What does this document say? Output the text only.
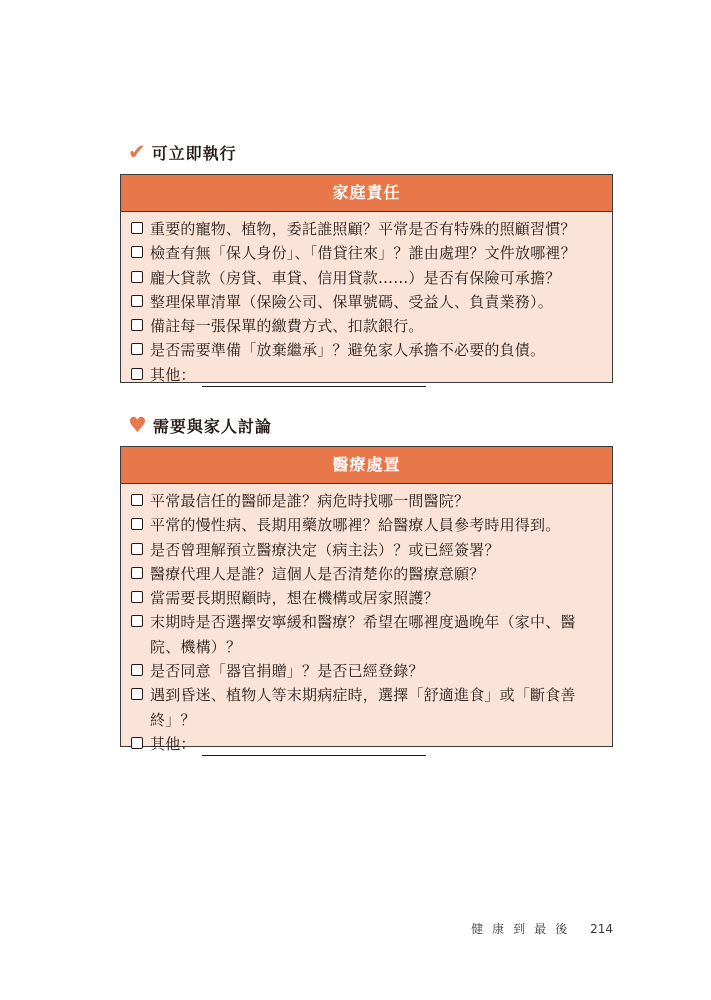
✔ 可立即執行
家庭責任
重要的寵物、植物，委託誰照顧？平常是否有特殊的照顧習慣？
檢查有無「保人身份」、「借貸往來」？誰由處理？文件放哪裡？
龐大貸款（房貸、車貸、信用貸款……）是否有保險可承擔？
整理保單清單（保險公司、保單號碼、受益人、負責業務）。
備註每一張保單的繳費方式、扣款銀行。
是否需要準備「放棄繼承」？避免家人承擔不必要的負債。
其他：
♥ 需要與家人討論
醫療處置
平常最信任的醫師是誰？病危時找哪一間醫院？
平常的慢性病、長期用藥放哪裡？給醫療人員參考時用得到。
是否曾理解預立醫療決定（病主法）？或已經簽署？
醫療代理人是誰？這個人是否清楚你的醫療意願？
當需要長期照顧時，想在機構或居家照護？
末期時是否選擇安寧緩和醫療？希望在哪裡度過晚年（家中、醫院、機構）？
是否同意「器官捐贈」？是否已經登錄？
遇到昏迷、植物人等末期病症時，選擇「舒適進食」或「斷食善終」？
其他：
健康到最後 214
